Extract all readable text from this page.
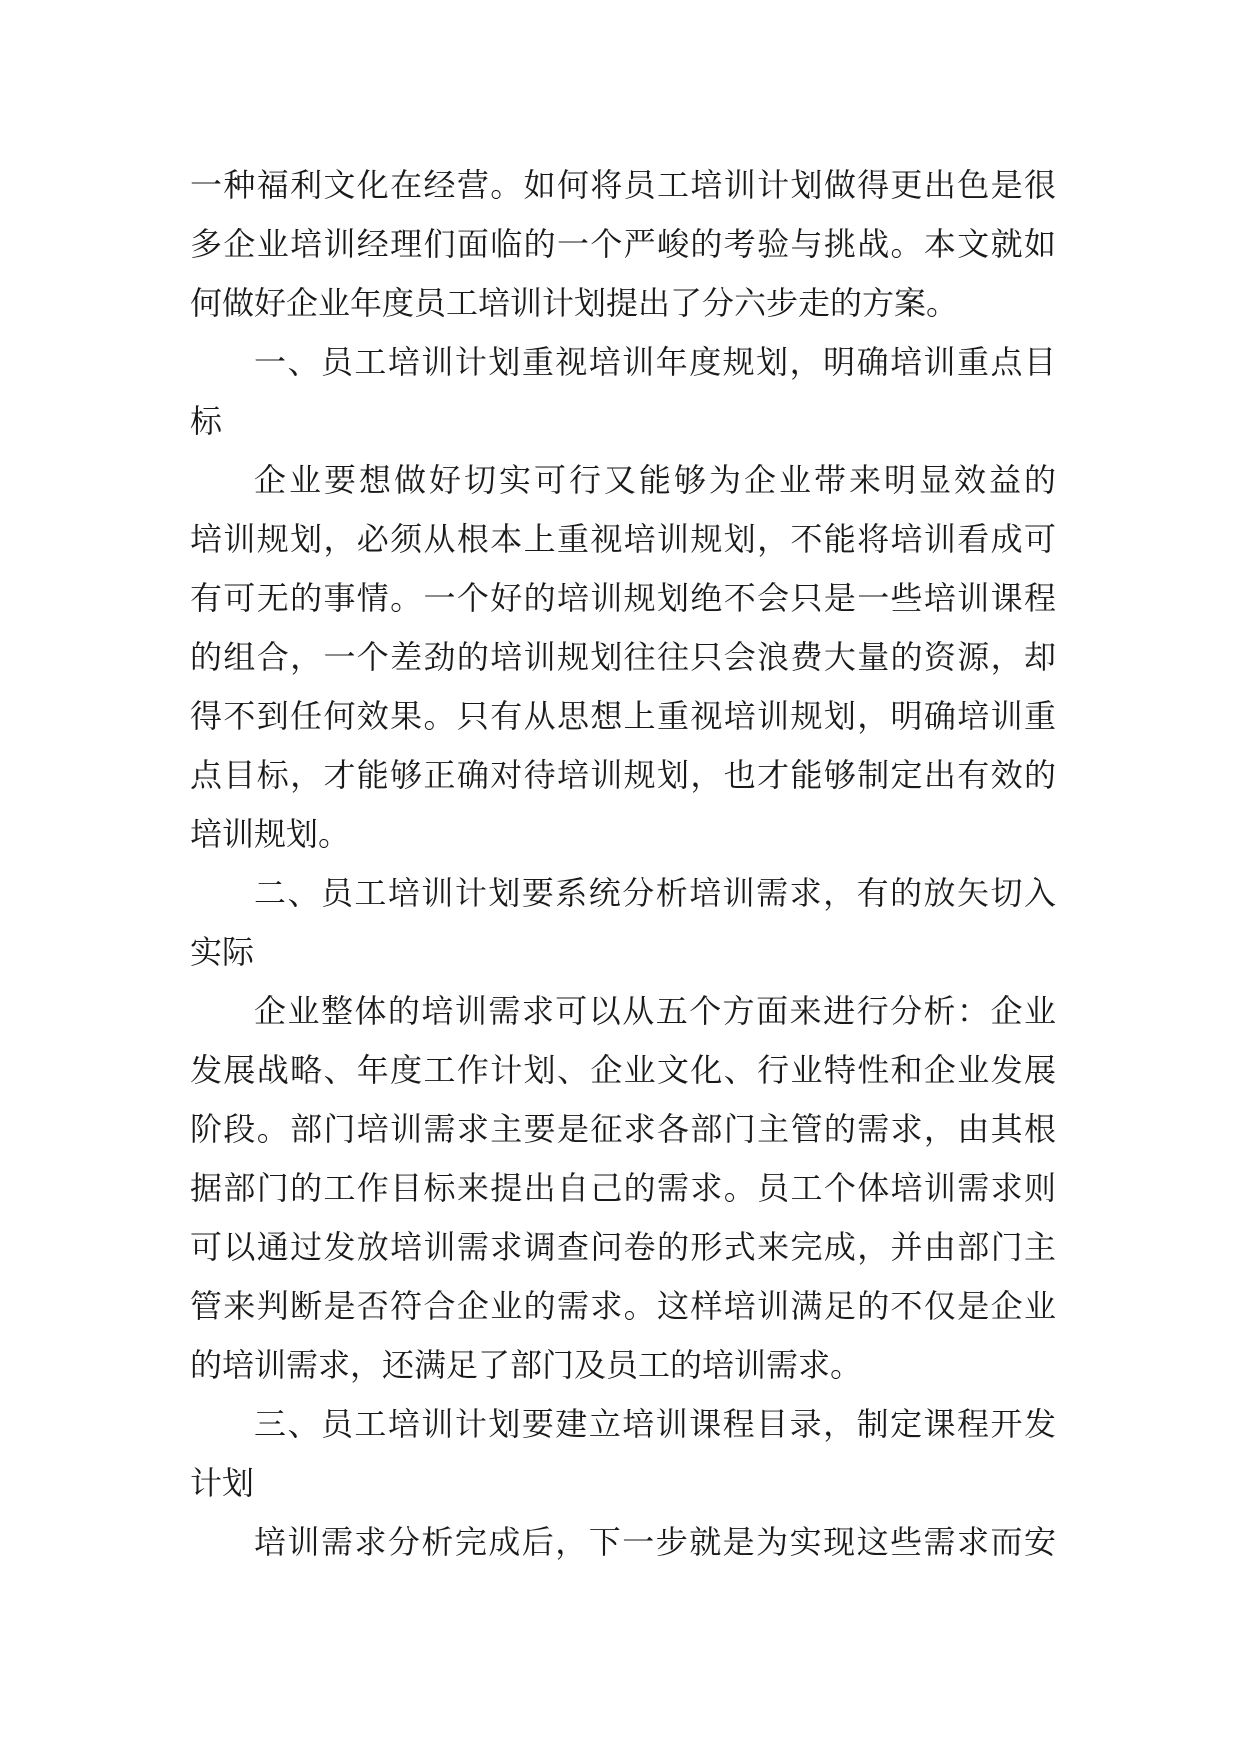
一种福利文化在经营。如何将员工培训计划做得更出色是很
多企业培训经理们面临的一个严峻的考验与挑战。本文就如
何做好企业年度员工培训计划提出了分六步走的方案。
一、员工培训计划重视培训年度规划，明确培训重点目
标
企业要想做好切实可行又能够为企业带来明显效益的
培训规划，必须从根本上重视培训规划，不能将培训看成可
有可无的事情。一个好的培训规划绝不会只是一些培训课程
的组合，一个差劲的培训规划往往只会浪费大量的资源，却
得不到任何效果。只有从思想上重视培训规划，明确培训重
点目标，才能够正确对待培训规划，也才能够制定出有效的
培训规划。
二、员工培训计划要系统分析培训需求，有的放矢切入
实际
企业整体的培训需求可以从五个方面来进行分析：企业
发展战略、年度工作计划、企业文化、行业特性和企业发展
阶段。部门培训需求主要是征求各部门主管的需求，由其根
据部门的工作目标来提出自己的需求。员工个体培训需求则
可以通过发放培训需求调查问卷的形式来完成，并由部门主
管来判断是否符合企业的需求。这样培训满足的不仅是企业
的培训需求，还满足了部门及员工的培训需求。
三、员工培训计划要建立培训课程目录，制定课程开发
计划
培训需求分析完成后，下一步就是为实现这些需求而安
